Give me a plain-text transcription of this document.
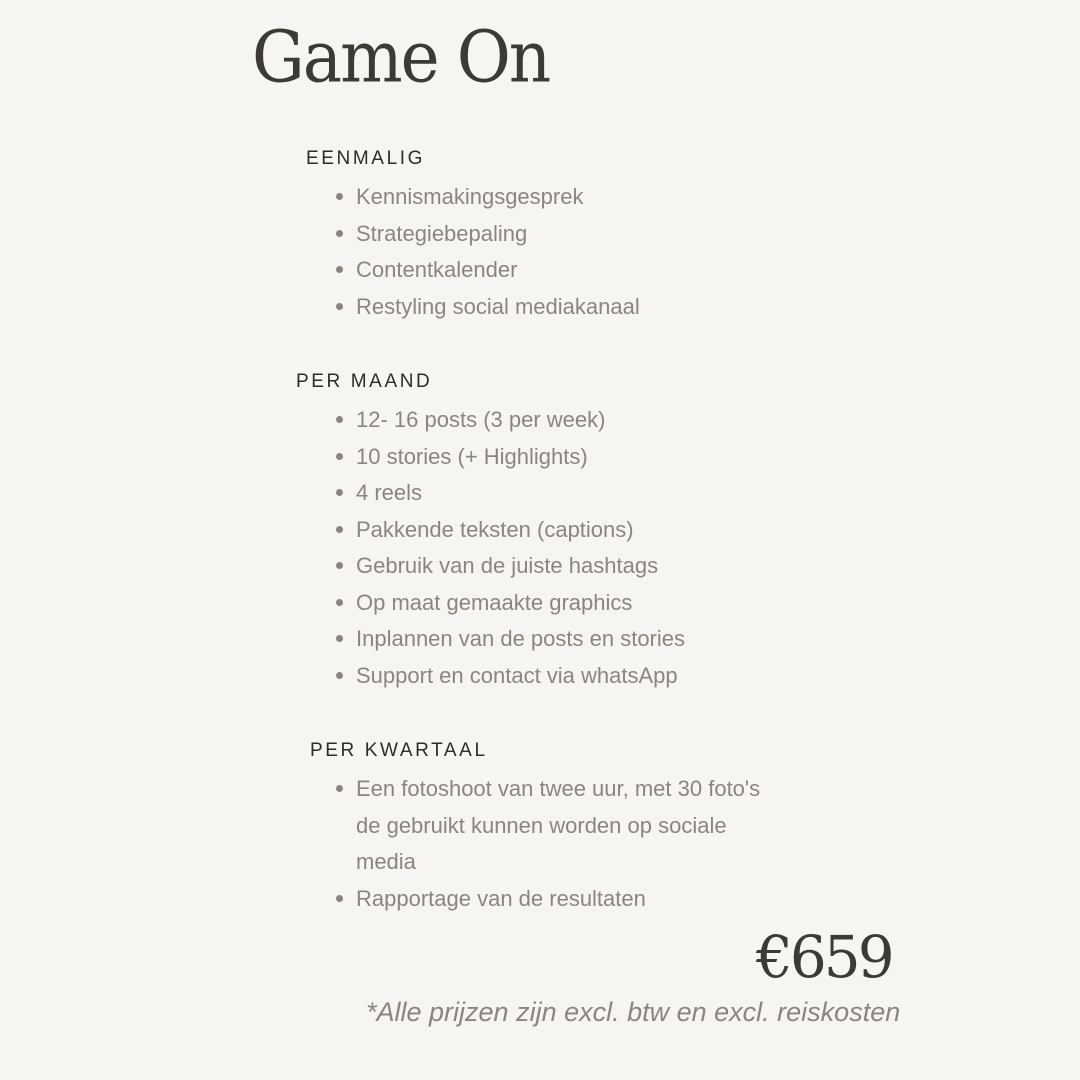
Game On
EENMALIG
Kennismakingsgesprek
Strategiebepaling
Contentkalender
Restyling social mediakanaal
PER MAAND
12- 16 posts (3 per week)
10 stories (+ Highlights)
4 reels
Pakkende teksten (captions)
Gebruik van de juiste hashtags
Op maat gemaakte graphics
Inplannen van de posts en stories
Support en contact via whatsApp
PER KWARTAAL
Een fotoshoot van twee uur, met 30 foto's de gebruikt kunnen worden op sociale media
Rapportage van de resultaten
€659

*Alle prijzen zijn excl. btw en excl. reiskosten
